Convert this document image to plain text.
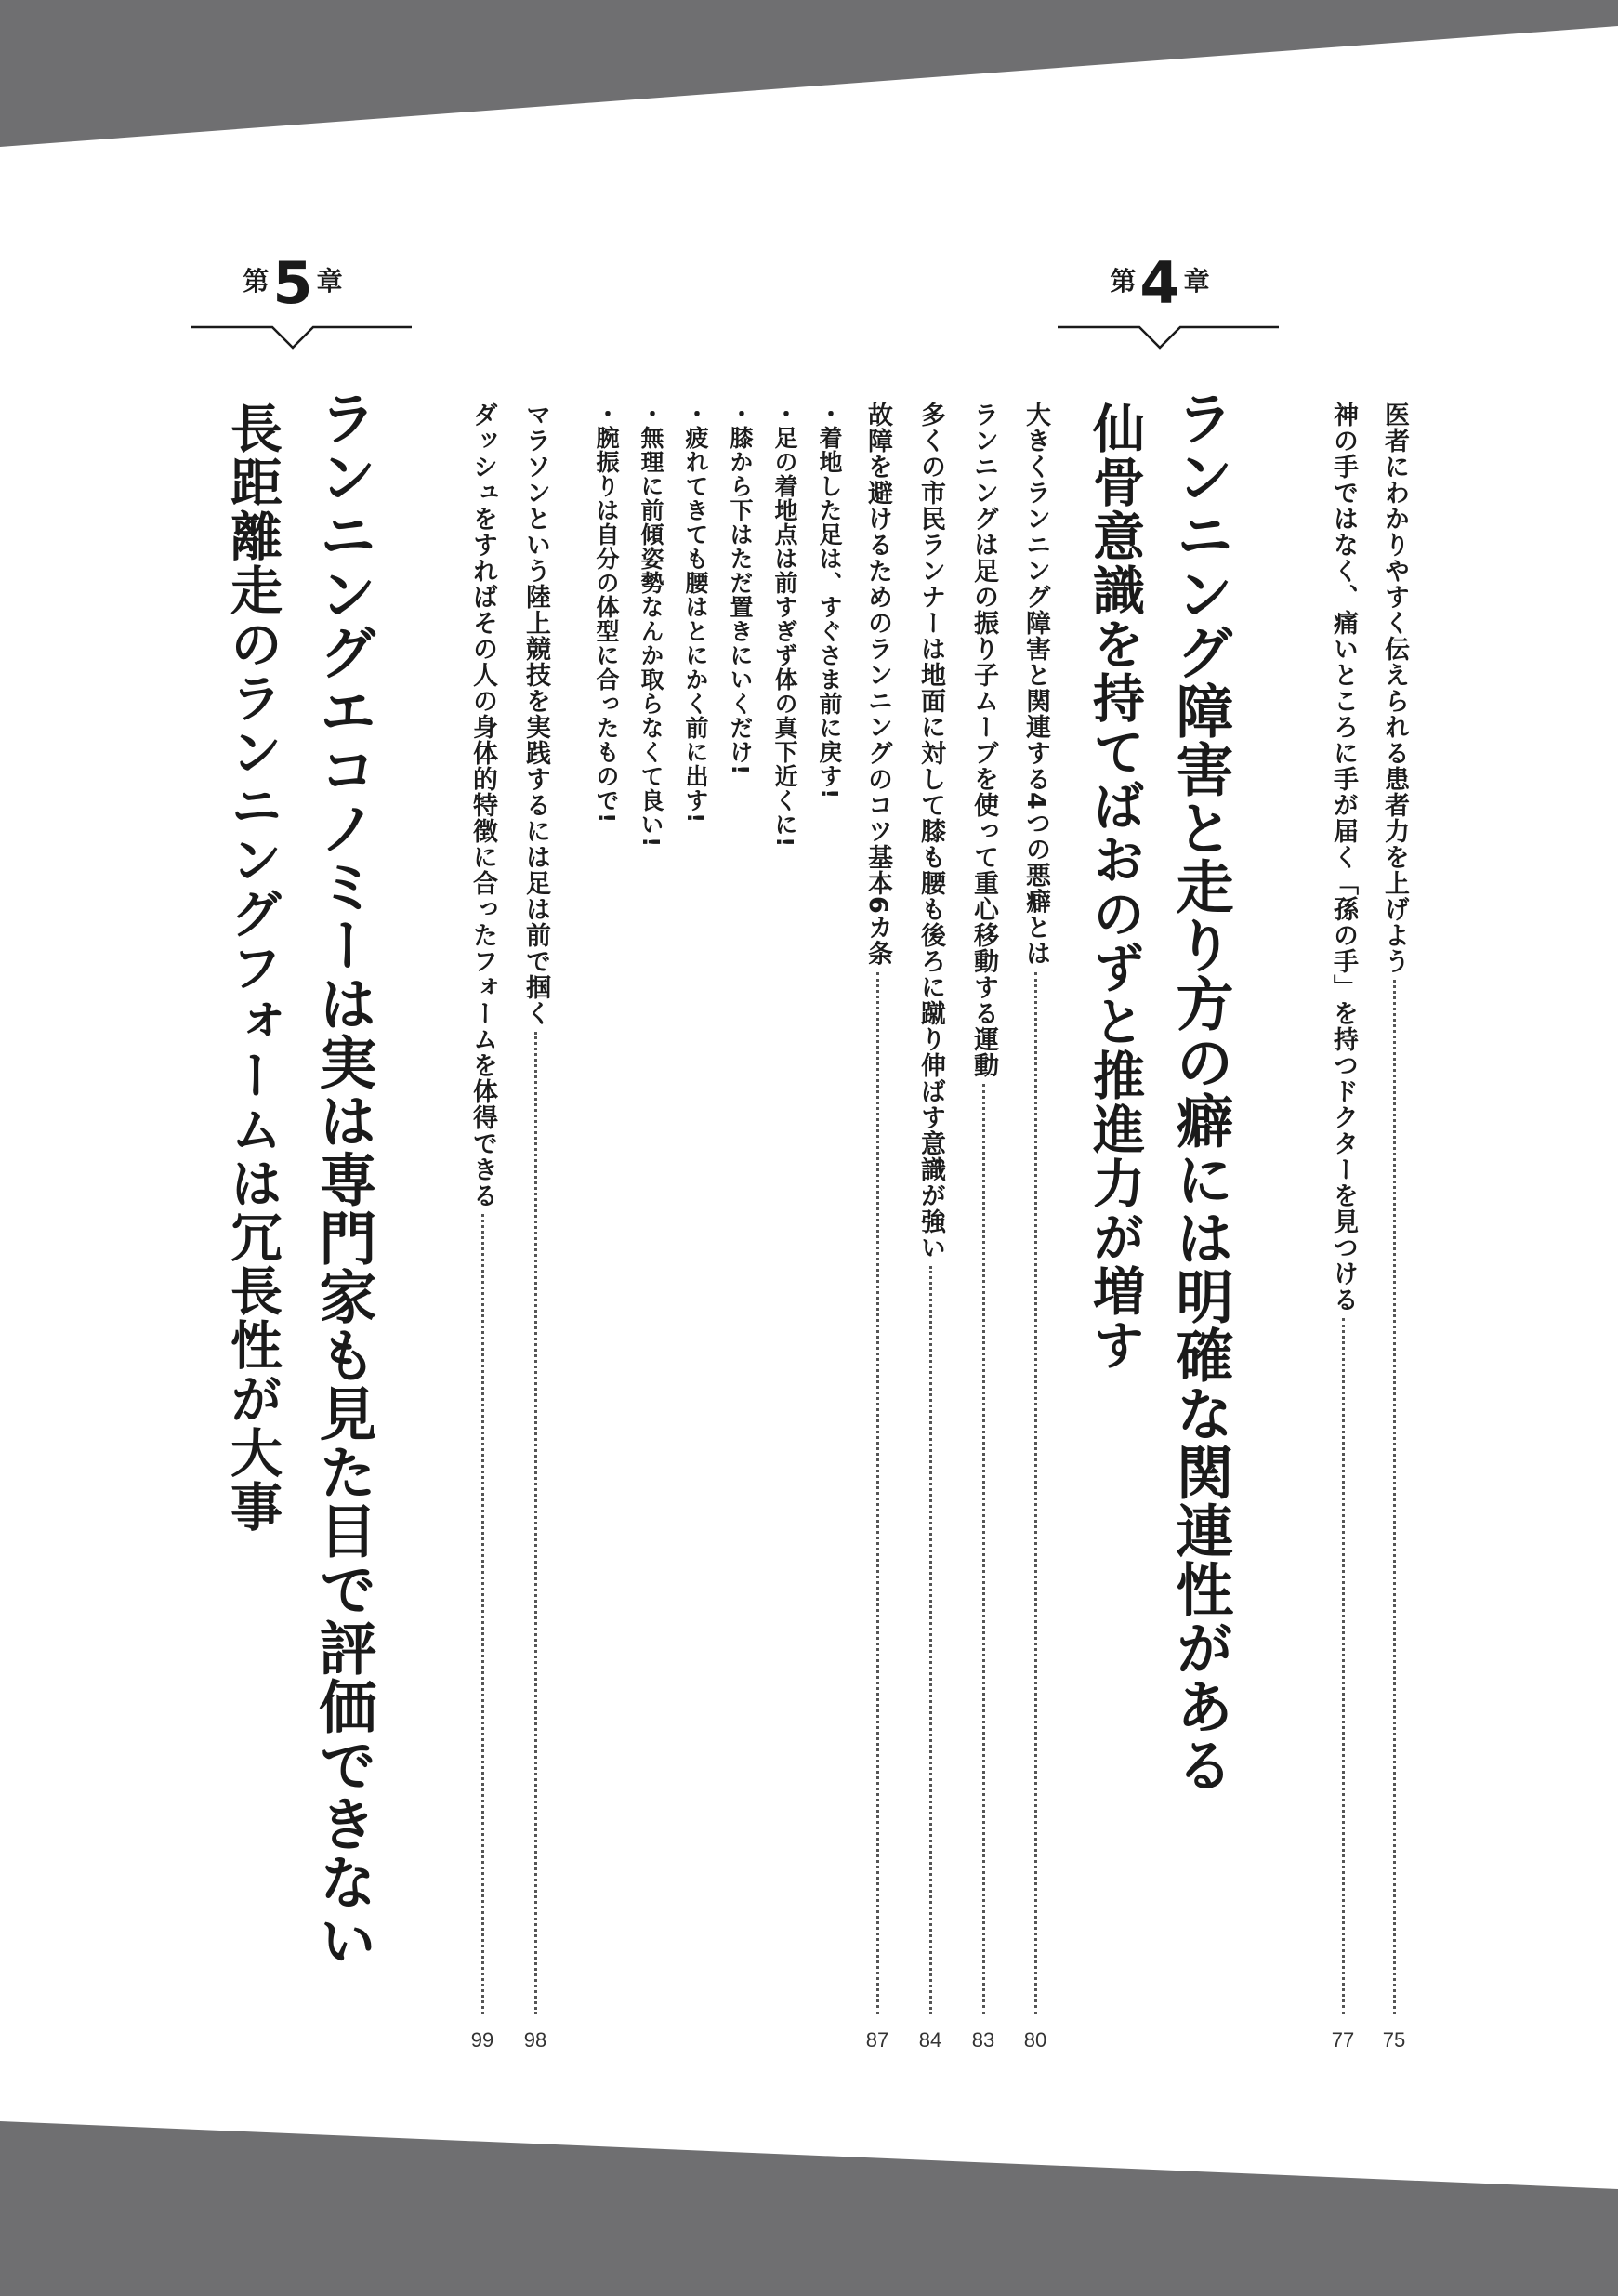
第4 章
医者にわかりやすく伝えられる患者力を上げよう
75
神の手ではなく、痛いところに手が届く「孫の手」を持つドクターを見つける
77
ランニング障害と走り方の癖には明確な関連性がある
仙骨意識を持てばおのずと推進力が増す
大きくランニング障害と関連する4つの悪癖とは
80
ランニングは足の振り子ムーブを使って重心移動する運動
83
多くの市民ランナーは地面に対して膝も腰も後ろに蹴り伸ばす意識が強い
84
故障を避けるためのランニングのコツ基本6カ条
87
・着地した足は、すぐさま前に戻す!
・足の着地点は前すぎず体の真下近くに!
・膝から下はただ置きにいくだけ!
・疲れてきても腰はとにかく前に出す!
・無理に前傾姿勢なんか取らなくて良い!
・腕振りは自分の体型に合ったもので!
マラソンという陸上競技を実践するには足は前で掴く
98
ダッシュをすればその人の身体的特徴に合ったフォームを体得できる
99
第5 章
ランニングエコノミーは実は専門家も見た目で評価できない
長距離走のランニングフォームは冗長性が大事
